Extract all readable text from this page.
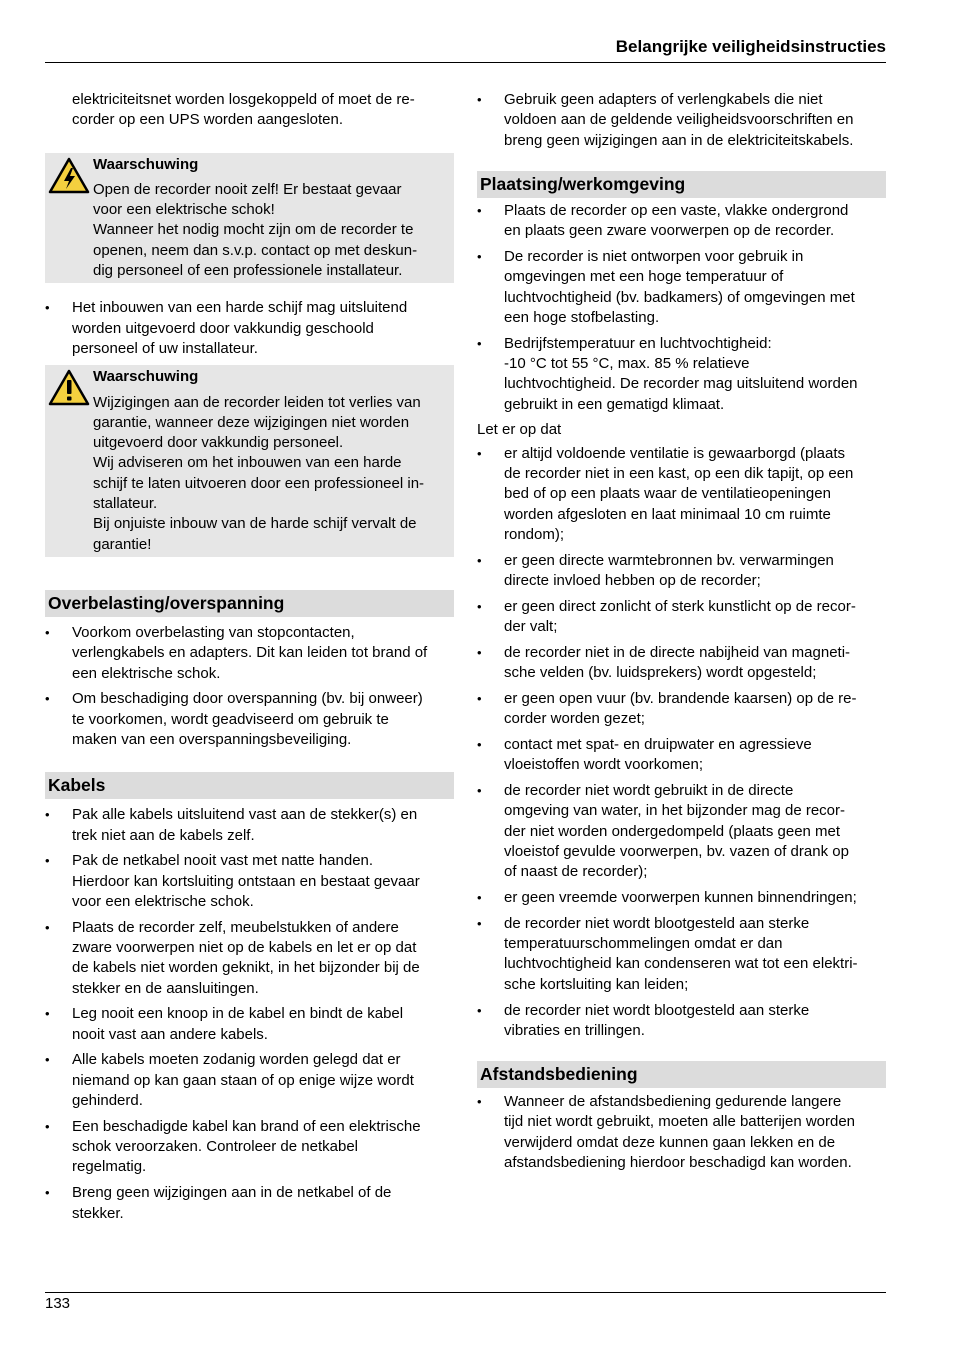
Belangrijke veiligheidsinstructies

elektriciteitsnet worden losgekoppeld of moet de re-
corder op een UPS worden aangesloten.

Waarschuwing
Open de recorder nooit zelf! Er bestaat gevaar
voor een elektrische schok!
Wanneer het nodig mocht zijn om de recorder te
openen, neem dan s.v.p. contact op met deskun-
dig personeel of een professionele installateur.
• Het inbouwen van een harde schijf mag uitsluitend
worden uitgevoerd door vakkundig geschoold
personeel of uw installateur.
Waarschuwing
Wijzigingen aan de recorder leiden tot verlies van
garantie, wanneer deze wijzigingen niet worden
uitgevoerd door vakkundig personeel.
Wij adviseren om het inbouwen van een harde
schijf te laten uitvoeren door een professioneel in-
stallateur.
Bij onjuiste inbouw van de harde schijf vervalt de
garantie!
Overbelasting/overspanning
• Voorkom overbelasting van stopcontacten,
verlengkabels en adapters. Dit kan leiden tot brand of
een elektrische schok.
• Om beschadiging door overspanning (bv. bij onweer)
te voorkomen, wordt geadviseerd om gebruik te
maken van een overspanningsbeveiliging.
Kabels
• Pak alle kabels uitsluitend vast aan de stekker(s) en
trek niet aan de kabels zelf.
• Pak de netkabel nooit vast met natte handen.
Hierdoor kan kortsluiting ontstaan en bestaat gevaar
voor een elektrische schok.
• Plaats de recorder zelf, meubelstukken of andere
zware voorwerpen niet op de kabels en let er op dat
de kabels niet worden geknikt, in het bijzonder bij de
stekker en de aansluitingen.
• Leg nooit een knoop in de kabel en bindt de kabel
nooit vast aan andere kabels.
• Alle kabels moeten zodanig worden gelegd dat er
niemand op kan gaan staan of op enige wijze wordt
gehinderd.
• Een beschadigde kabel kan brand of een elektrische
schok veroorzaken. Controleer de netkabel
regelmatig.
• Breng geen wijzigingen aan in de netkabel of de
stekker.
• Gebruik geen adapters of verlengkabels die niet
voldoen aan de geldende veiligheidsvoorschriften en
breng geen wijzigingen aan in de elektriciteitskabels.
Plaatsing/werkomgeving
• Plaats de recorder op een vaste, vlakke ondergrond
en plaats geen zware voorwerpen op de recorder.
• De recorder is niet ontworpen voor gebruik in
omgevingen met een hoge temperatuur of
luchtvochtigheid (bv. badkamers) of omgevingen met
een hoge stofbelasting.
• Bedrijfstemperatuur en luchtvochtigheid:
-10 °C tot 55 °C, max. 85 % relatieve
luchtvochtigheid. De recorder mag uitsluitend worden
gebruikt in een gematigd klimaat.

Let er op dat

• er altijd voldoende ventilatie is gewaarborgd (plaats
de recorder niet in een kast, op een dik tapijt, op een
bed of op een plaats waar de ventilatieopeningen
worden afgesloten en laat minimaal 10 cm ruimte
rondom);
• er geen directe warmtebronnen bv. verwarmingen
directe invloed hebben op de recorder;
• er geen direct zonlicht of sterk kunstlicht op de recor-
der valt;
• de recorder niet in de directe nabijheid van magneti-
sche velden (bv. luidsprekers) wordt opgesteld;
• er geen open vuur (bv. brandende kaarsen) op de re-
corder worden gezet;
• contact met spat- en druipwater en agressieve
vloeistoffen wordt voorkomen;
• de recorder niet wordt gebruikt in de directe
omgeving van water, in het bijzonder mag de recor-
der niet worden ondergedompeld (plaats geen met
vloeistof gevulde voorwerpen, bv. vazen of drank op
of naast de recorder);
• er geen vreemde voorwerpen kunnen binnendringen;
• de recorder niet wordt blootgesteld aan sterke
temperatuurschommelingen omdat er dan
luchtvochtigheid kan condenseren wat tot een elektri-
sche kortsluiting kan leiden;
• de recorder niet wordt blootgesteld aan sterke
vibraties en trillingen.
Afstandsbediening
• Wanneer de afstandsbediening gedurende langere
tijd niet wordt gebruikt, moeten alle batterijen worden
verwijderd omdat deze kunnen gaan lekken en de
afstandsbediening hierdoor beschadigd kan worden.
133
